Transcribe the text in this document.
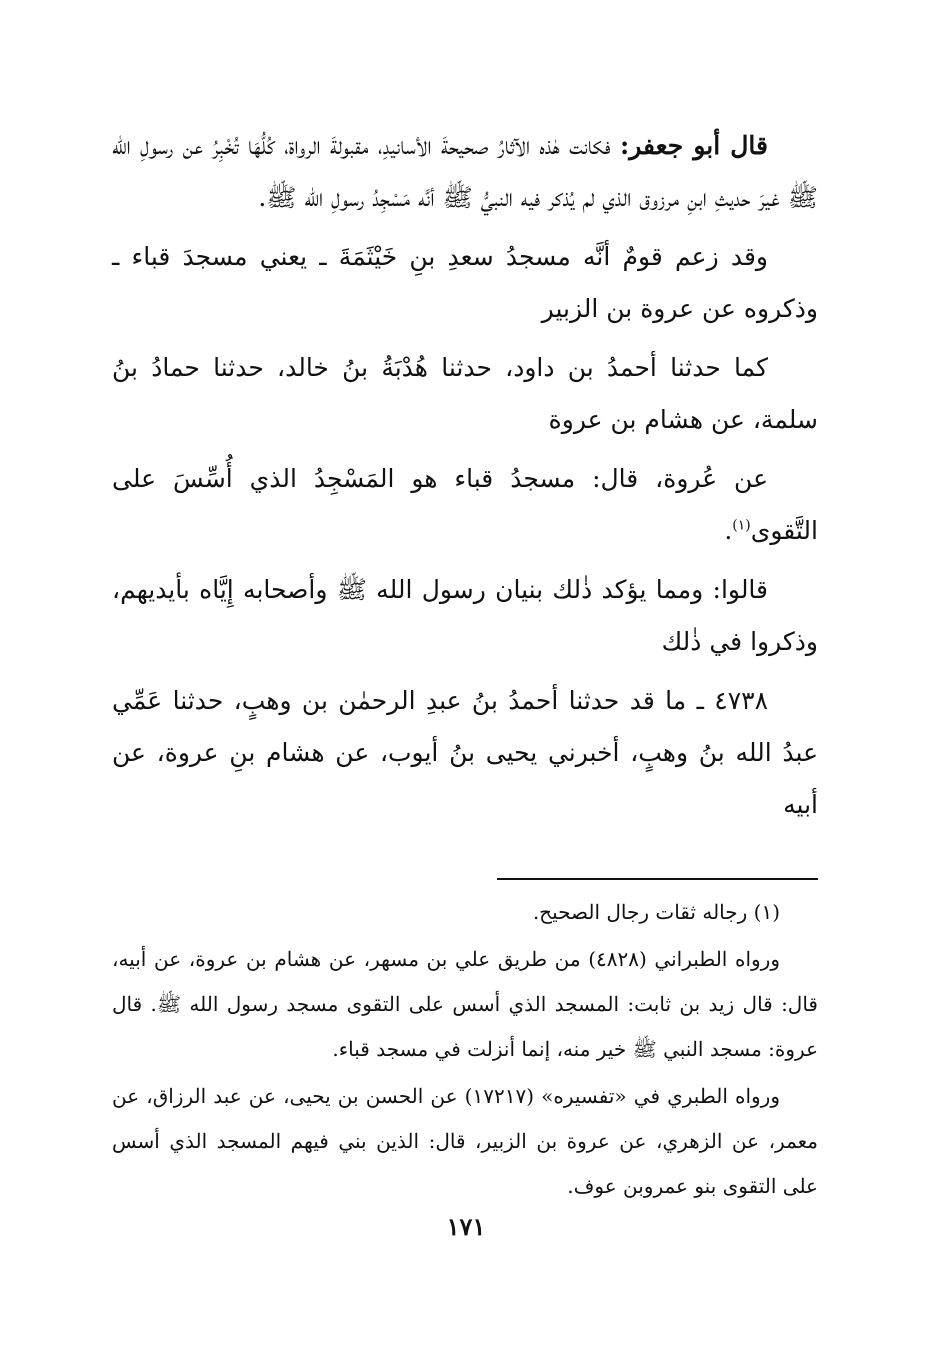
قال أبو جعفر: فكانت هٰذه الآثارُ صحيحةَ الأسانيدِ، مقبولةَ الرواة، كُلُّهَا تُخْبِرُ عن رسولِ الله ﷺ غيرَ حديثِ ابنِ مرزوق الذي لم يُذكر فيه النبيُّ ﷺ أنَّه مَسْجِدُ رسولِ الله ﷺ.

وقد زعم قومٌ أنَّه مسجدُ سعدِ بنِ خَيْثَمَةَ ـ يعني مسجدَ قباء ـ وذكروه عن عروة بن الزبير

كما حدثنا أحمدُ بن داود، حدثنا هُدْبَةُ بنُ خالد، حدثنا حمادُ بنُ سلمة، عن هشام بن عروة

عن عُروة، قال: مسجدُ قباء هو المَسْجِدُ الذي أُسِّسَ على التَّقوى$^{(١)}$.

قالوا: ومما يؤكد ذٰلك بنيان رسول الله ﷺ وأصحابه إِيَّاه بأيديهم، وذكروا في ذٰلك

٤٧٣٨ ـ ما قد حدثنا أحمدُ بنُ عبدِ الرحمٰن بن وهبٍ، حدثنا عَمِّي عبدُ الله بنُ وهبٍ، أخبرني يحيى بنُ أيوب، عن هشام بنِ عروة، عن أبيه

(١) رجاله ثقات رجال الصحيح.

ورواه الطبراني (٤٨٢٨) من طريق علي بن مسهر، عن هشام بن عروة، عن أبيه، قال: قال زيد بن ثابت: المسجد الذي أسس على التقوى مسجد رسول الله ﷺ. قال عروة: مسجد النبي ﷺ خير منه، إنما أنزلت في مسجد قباء.

ورواه الطبري في «تفسيره» (١٧٢١٧) عن الحسن بن يحيى، عن عبد الرزاق، عن معمر، عن الزهري، عن عروة بن الزبير، قال: الذين بني فيهم المسجد الذي أسس على التقوى بنو عمروبن عوف.

١٧١
